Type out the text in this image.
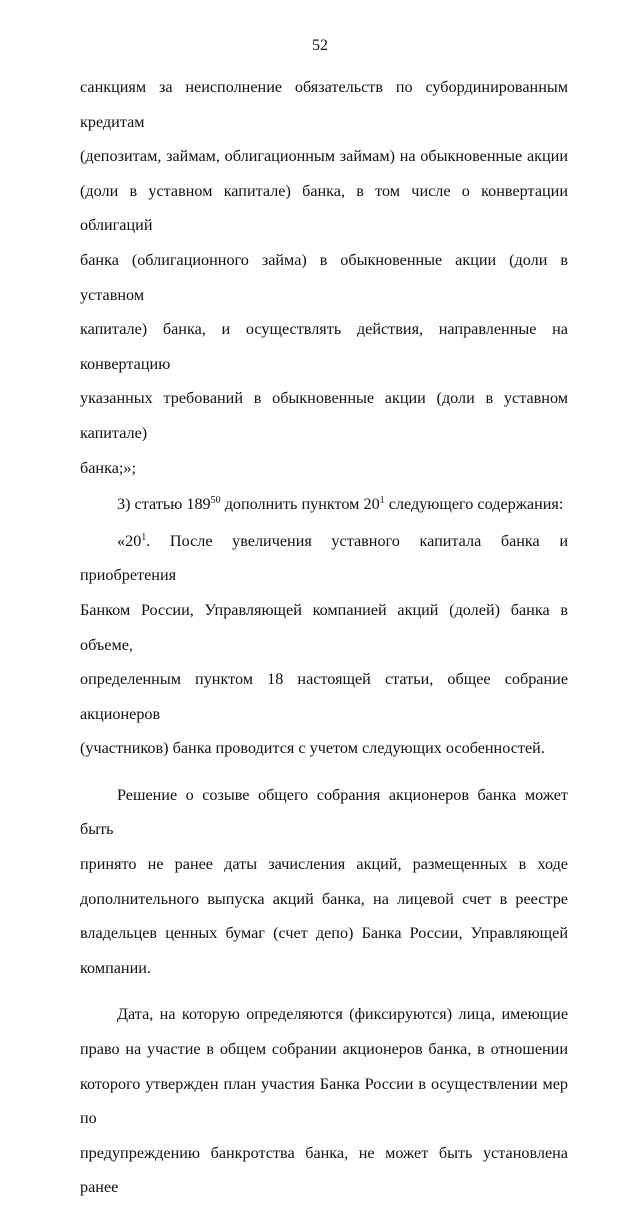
52

санкциям за неисполнение обязательств по субординированным кредитам

(депозитам, займам, облигационным займам) на обыкновенные акции

(доли в уставном капитале) банка, в том числе о конвертации облигаций

банка (облигационного займа) в обыкновенные акции (доли в уставном

капитале) банка, и осуществлять действия, направленные на конвертацию

указанных требований в обыкновенные акции (доли в уставном капитале)

банка;»;

3) статью $189^{50}$ дополнить пунктом $20^1$ следующего содержания:

«$20^1$. После увеличения уставного капитала банка и приобретения

Банком России, Управляющей компанией акций (долей) банка в объеме,

определенным пунктом 18 настоящей статьи, общее собрание акционеров

(участников) банка проводится с учетом следующих особенностей.

Решение о созыве общего собрания акционеров банка может быть

принято не ранее даты зачисления акций, размещенных в ходе

дополнительного выпуска акций банка, на лицевой счет в реестре

владельцев ценных бумаг (счет депо) Банка России, Управляющей

компании.

Дата, на которую определяются (фиксируются) лица, имеющие

право на участие в общем собрании акционеров банка, в отношении

которого утвержден план участия Банка России в осуществлении мер по

предупреждению банкротства банка, не может быть установлена ранее
